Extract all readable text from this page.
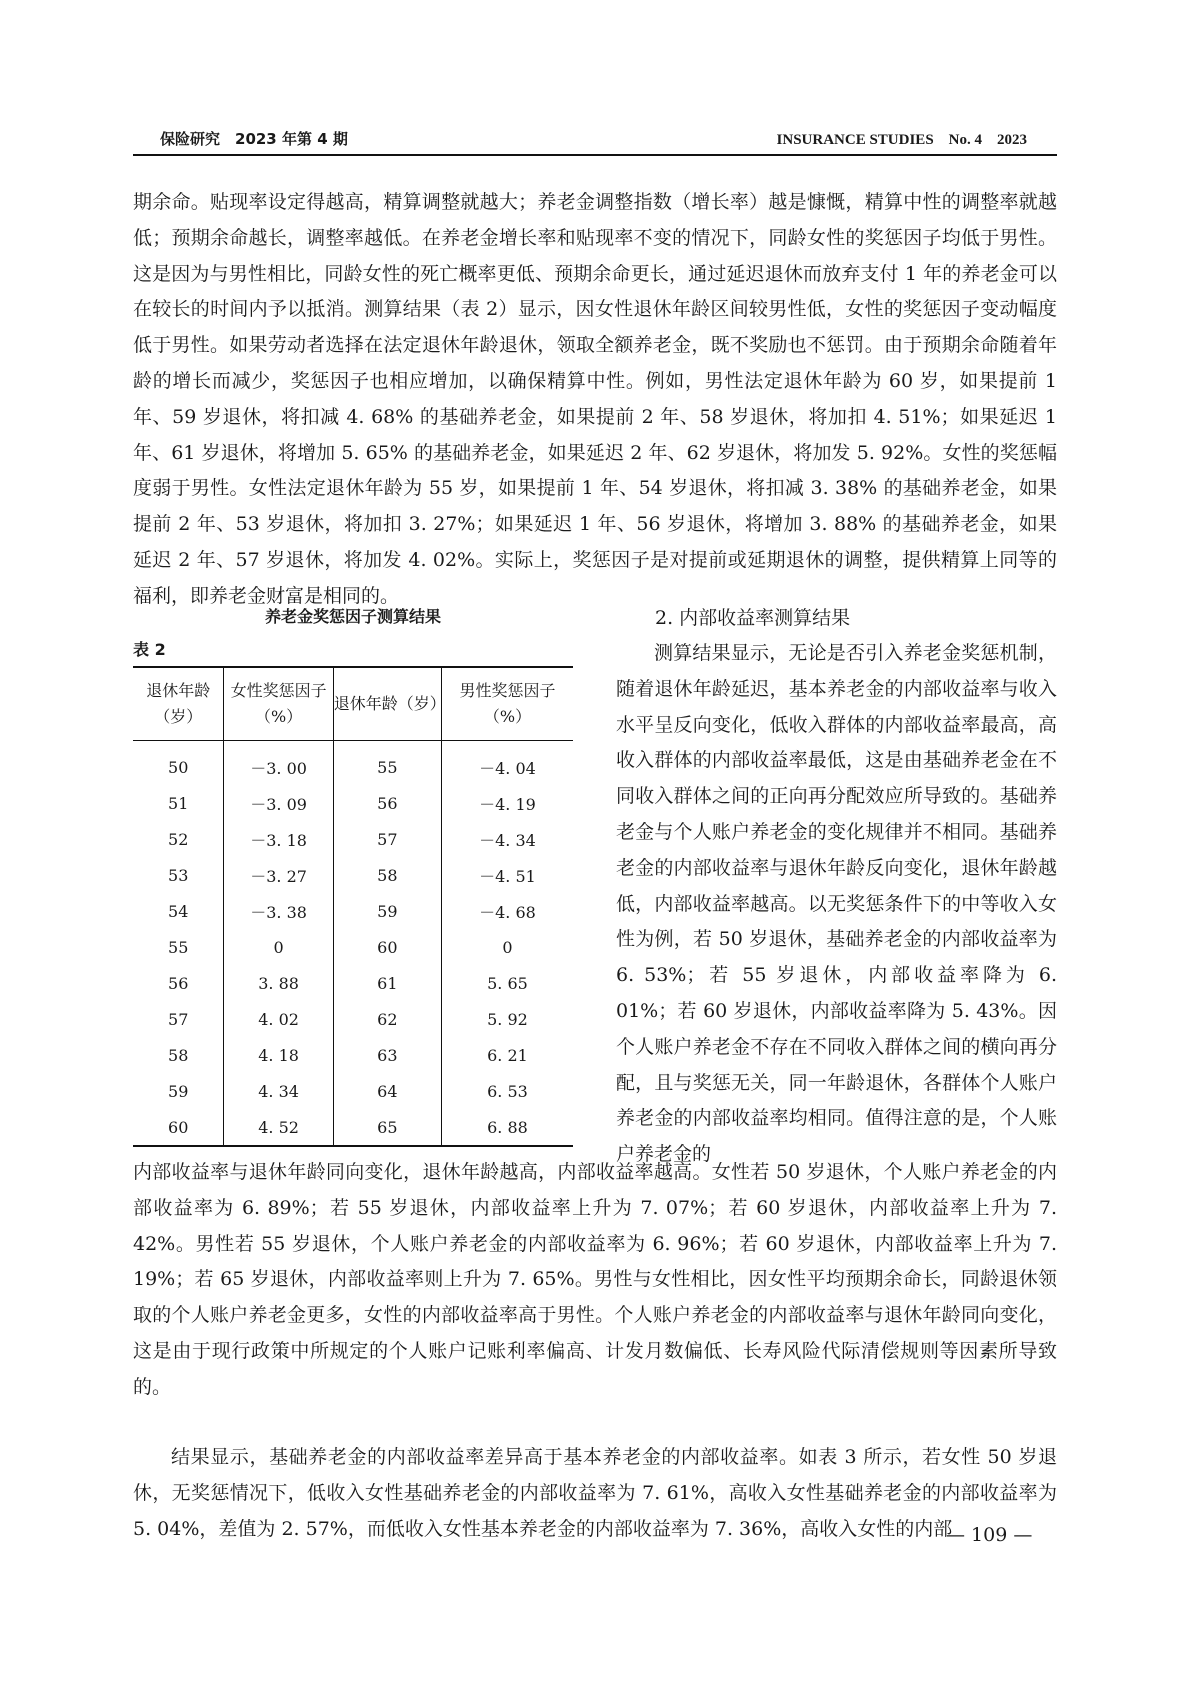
保险研究　2023 年第 4 期	INSURANCE STUDIES　No. 4　2023

期余命。贴现率设定得越高，精算调整就越大；养老金调整指数（增长率）越是慷慨，精算中性的调整率就越低；预期余命越长，调整率越低。在养老金增长率和贴现率不变的情况下，同龄女性的奖惩因子均低于男性。这是因为与男性相比，同龄女性的死亡概率更低、预期余命更长，通过延迟退休而放弃支付 1 年的养老金可以在较长的时间内予以抵消。测算结果（表 2）显示，因女性退休年龄区间较男性低，女性的奖惩因子变动幅度低于男性。如果劳动者选择在法定退休年龄退休，领取全额养老金，既不奖励也不惩罚。由于预期余命随着年龄的增长而减少，奖惩因子也相应增加，以确保精算中性。例如，男性法定退休年龄为 60 岁，如果提前 1 年、59 岁退休，将扣减 4. 68% 的基础养老金，如果提前 2 年、58 岁退休，将加扣 4. 51%；如果延迟 1 年、61 岁退休，将增加 5. 65% 的基础养老金，如果延迟 2 年、62 岁退休，将加发 5. 92%。女性的奖惩幅度弱于男性。女性法定退休年龄为 55 岁，如果提前 1 年、54 岁退休，将扣减 3. 38% 的基础养老金，如果提前 2 年、53 岁退休，将加扣 3. 27%；如果延迟 1 年、56 岁退休，将增加 3. 88% 的基础养老金，如果延迟 2 年、57 岁退休，将加发 4. 02%。实际上，奖惩因子是对提前或延期退休的调整，提供精算上同等的福利，即养老金财富是相同的。

养老金奖惩因子测算结果
表 2
退休年龄（岁）	女性奖惩因子（%）	退休年龄（岁）	男性奖惩因子（%）
50	－3. 00	55	－4. 04
51	－3. 09	56	－4. 19
52	－3. 18	57	－4. 34
53	－3. 27	58	－4. 51
54	－3. 38	59	－4. 68
55	0	60	0
56	3. 88	61	5. 65
57	4. 02	62	5. 92
58	4. 18	63	6. 21
59	4. 34	64	6. 53
60	4. 52	65	6. 88
2. 内部收益率测算结果

测算结果显示，无论是否引入养老金奖惩机制，随着退休年龄延迟，基本养老金的内部收益率与收入水平呈反向变化，低收入群体的内部收益率最高，高收入群体的内部收益率最低，这是由基础养老金在不同收入群体之间的正向再分配效应所导致的。基础养老金与个人账户养老金的变化规律并不相同。基础养老金的内部收益率与退休年龄反向变化，退休年龄越低，内部收益率越高。以无奖惩条件下的中等收入女性为例，若 50 岁退休，基础养老金的内部收益率为 6. 53%；若 55 岁退休，内部收益率降为 6. 01%；若 60 岁退休，内部收益率降为 5. 43%。因个人账户养老金不存在不同收入群体之间的横向再分配，且与奖惩无关，同一年龄退休，各群体个人账户养老金的内部收益率均相同。值得注意的是，个人账户养老金的

内部收益率与退休年龄同向变化，退休年龄越高，内部收益率越高。女性若 50 岁退休，个人账户养老金的内部收益率为 6. 89%；若 55 岁退休，内部收益率上升为 7. 07%；若 60 岁退休，内部收益率上升为 7. 42%。男性若 55 岁退休，个人账户养老金的内部收益率为 6. 96%；若 60 岁退休，内部收益率上升为 7. 19%；若 65 岁退休，内部收益率则上升为 7. 65%。男性与女性相比，因女性平均预期余命长，同龄退休领取的个人账户养老金更多，女性的内部收益率高于男性。个人账户养老金的内部收益率与退休年龄同向变化，这是由于现行政策中所规定的个人账户记账利率偏高、计发月数偏低、长寿风险代际清偿规则等因素所导致的。

结果显示，基础养老金的内部收益率差异高于基本养老金的内部收益率。如表 3 所示，若女性 50 岁退休，无奖惩情况下，低收入女性基础养老金的内部收益率为 7. 61%，高收入女性基础养老金的内部收益率为 5. 04%，差值为 2. 57%，而低收入女性基本养老金的内部收益率为 7. 36%，高收入女性的内部

— 109 —
